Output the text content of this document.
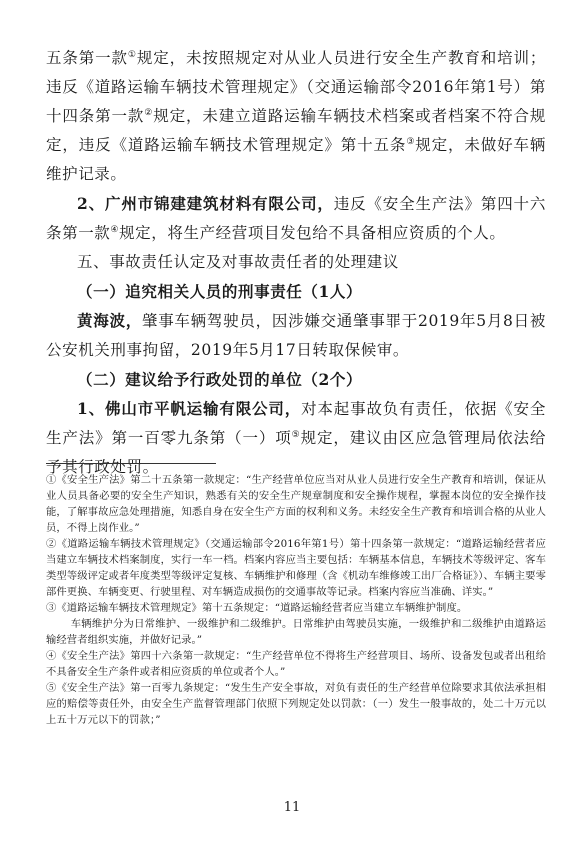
五条第一款①规定，未按照规定对从业人员进行安全生产教育和培训；违反《道路运输车辆技术管理规定》（交通运输部令2016年第1号）第十四条第一款②规定，未建立道路运输车辆技术档案或者档案不符合规定，违反《道路运输车辆技术管理规定》第十五条③规定，未做好车辆维护记录。

2、广州市锦建建筑材料有限公司，违反《安全生产法》第四十六条第一款④规定，将生产经营项目发包给不具备相应资质的个人。

五、事故责任认定及对事故责任者的处理建议

（一）追究相关人员的刑事责任（1人）

黄海波，肇事车辆驾驶员，因涉嫌交通肇事罪于2019年5月8日被公安机关刑事拘留，2019年5月17日转取保候审。

（二）建议给予行政处罚的单位（2个）

1、佛山市平帆运输有限公司，对本起事故负有责任，依据《安全生产法》第一百零九条第（一）项⑤规定，建议由区应急管理局依法给予其行政处罚。

①《安全生产法》第二十五条第一款规定：“生产经营单位应当对从业人员进行安全生产教育和培训，保证从业人员具备必要的安全生产知识，熟悉有关的安全生产规章制度和安全操作规程，掌握本岗位的安全操作技能，了解事故应急处理措施，知悉自身在安全生产方面的权利和义务。未经安全生产教育和培训合格的从业人员，不得上岗作业。”

②《道路运输车辆技术管理规定》（交通运输部令2016年第1号）第十四条第一款规定：“道路运输经营者应当建立车辆技术档案制度，实行一车一档。档案内容应当主要包括：车辆基本信息，车辆技术等级评定、客车类型等级评定或者年度类型等级评定复核、车辆维护和修理（含《机动车维修竣工出厂合格证》）、车辆主要零部件更换、车辆变更、行驶里程、对车辆造成损伤的交通事故等记录。档案内容应当准确、详实。”

③《道路运输车辆技术管理规定》第十五条规定：“道路运输经营者应当建立车辆维护制度。

车辆维护分为日常维护、一级维护和二级维护。日常维护由驾驶员实施，一级维护和二级维护由道路运输经营者组织实施，并做好记录。”

④《安全生产法》第四十六条第一款规定：“生产经营单位不得将生产经营项目、场所、设备发包或者出租给不具备安全生产条件或者相应资质的单位或者个人。”

⑤《安全生产法》第一百零九条规定：“发生生产安全事故，对负有责任的生产经营单位除要求其依法承担相应的赔偿等责任外，由安全生产监督管理部门依照下列规定处以罚款：（一）发生一般事故的，处二十万元以上五十万元以下的罚款；”

11
